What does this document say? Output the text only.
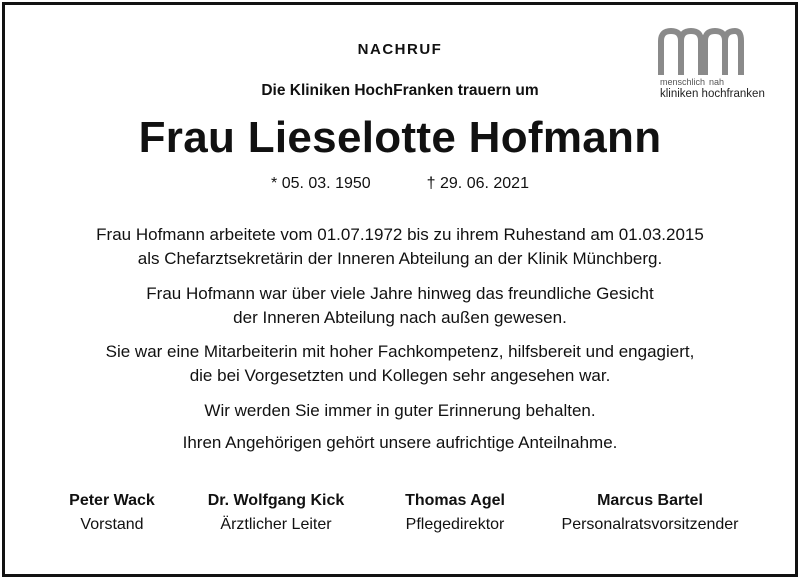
menschlich nah
kliniken hochfranken
NACHRUF
Die Kliniken HochFranken trauern um
Frau Lieselotte Hofmann
* 05. 03. 1950	† 29. 06. 2021
Frau Hofmann arbeitete vom 01.07.1972 bis zu ihrem Ruhestand am 01.03.2015
als Chefarztsekretärin der Inneren Abteilung an der Klinik Münchberg.
Frau Hofmann war über viele Jahre hinweg das freundliche Gesicht
der Inneren Abteilung nach außen gewesen.
Sie war eine Mitarbeiterin mit hoher Fachkompetenz, hilfsbereit und engagiert,
die bei Vorgesetzten und Kollegen sehr angesehen war.
Wir werden Sie immer in guter Erinnerung behalten.
Ihren Angehörigen gehört unsere aufrichtige Anteilnahme.
Peter Wack
Vorstand
Dr. Wolfgang Kick
Ärztlicher Leiter
Thomas Agel
Pflegedirektor
Marcus Bartel
Personalratsvorsitzender
